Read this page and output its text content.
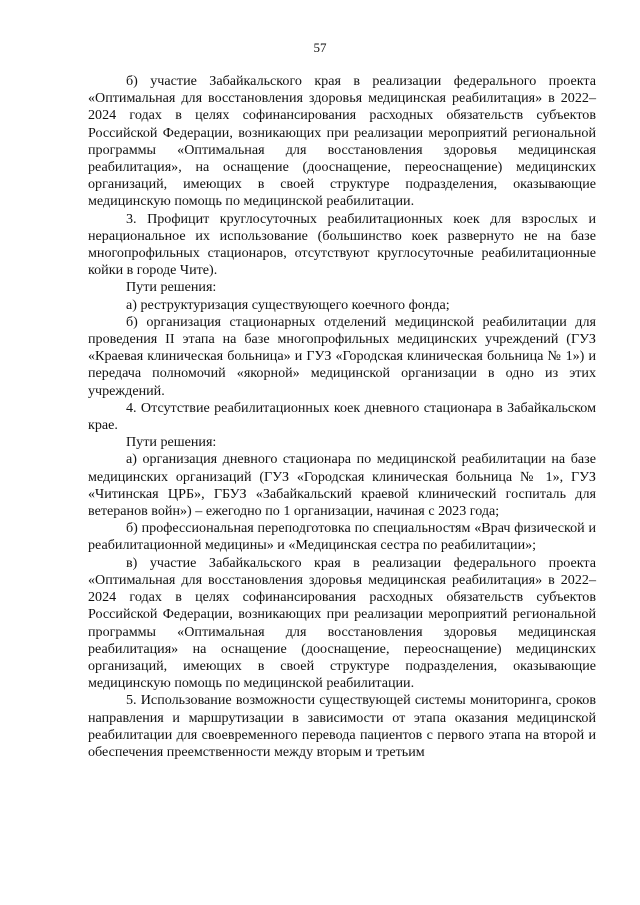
57

б) участие Забайкальского края в реализации федерального проекта «Оптимальная для восстановления здоровья медицинская реабилитация» в 2022–2024 годах в целях софинансирования расходных обязательств субъектов Российской Федерации, возникающих при реализации мероприятий региональной программы «Оптимальная для восстановления здоровья медицинская реабилитация», на оснащение (дооснащение, переоснащение) медицинских организаций, имеющих в своей структуре подразделения, оказывающие медицинскую помощь по медицинской реабилитации.

3. Профицит круглосуточных реабилитационных коек для взрослых и нерациональное их использование (большинство коек развернуто не на базе многопрофильных стационаров, отсутствуют круглосуточные реабилитационные койки в городе Чите).

Пути решения:

а) реструктуризация существующего коечного фонда;

б) организация стационарных отделений медицинской реабилитации для проведения II этапа на базе многопрофильных медицинских учреждений (ГУЗ «Краевая клиническая больница» и ГУЗ «Городская клиническая больница № 1») и передача полномочий «якорной» медицинской организации в одно из этих учреждений.

4. Отсутствие реабилитационных коек дневного стационара в Забайкальском крае.

Пути решения:

а) организация дневного стационара по медицинской реабилитации на базе медицинских организаций (ГУЗ «Городская клиническая больница № 1», ГУЗ «Читинская ЦРБ», ГБУЗ «Забайкальский краевой клинический госпиталь для ветеранов войн») – ежегодно по 1 организации, начиная с 2023 года;

б) профессиональная переподготовка по специальностям «Врач физической и реабилитационной медицины» и «Медицинская сестра по реабилитации»;

в) участие Забайкальского края в реализации федерального проекта «Оптимальная для восстановления здоровья медицинская реабилитация» в 2022–2024 годах в целях софинансирования расходных обязательств субъектов Российской Федерации, возникающих при реализации мероприятий региональной программы «Оптимальная для восстановления здоровья медицинская реабилитация» на оснащение (дооснащение, переоснащение) медицинских организаций, имеющих в своей структуре подразделения, оказывающие медицинскую помощь по медицинской реабилитации.

5. Использование возможности существующей системы мониторинга, сроков направления и маршрутизации в зависимости от этапа оказания медицинской реабилитации для своевременного перевода пациентов с первого этапа на второй и обеспечения преемственности между вторым и третьим
